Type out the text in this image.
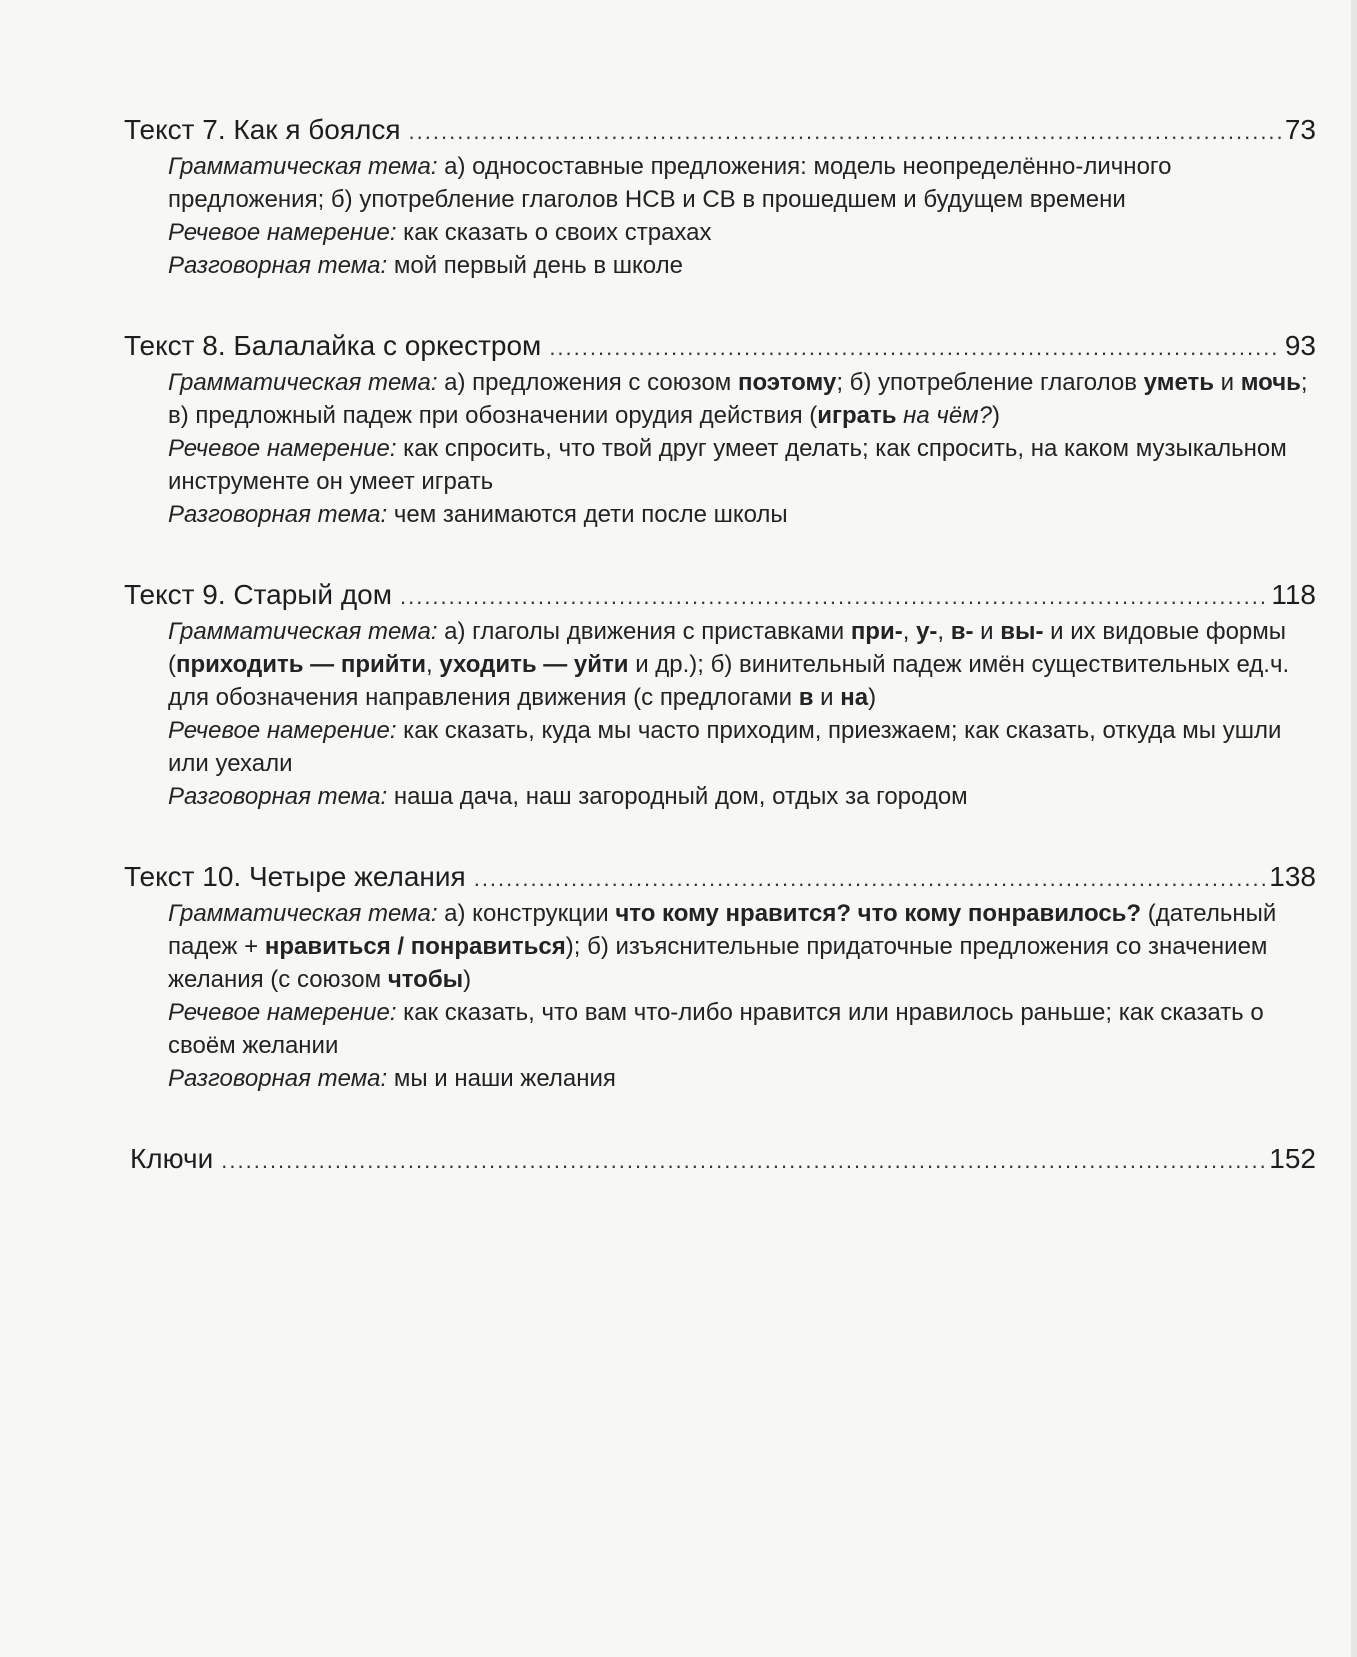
Текст 7. Как я боялся .....	73

Грамматическая тема: а) односоставные предложения: модель неопределённо-личного предложения; б) употребление глаголов НСВ и СВ в прошедшем и будущем времени

Речевое намерение: как сказать о своих страхах

Разговорная тема: мой первый день в школе

Текст 8. Балалайка с оркестром .....	93

Грамматическая тема: а) предложения с союзом поэтому; б) употребление глаголов уметь и мочь; в) предложный падеж при обозначении орудия действия (играть на чём?)

Речевое намерение: как спросить, что твой друг умеет делать; как спросить, на каком музыкальном инструменте он умеет играть

Разговорная тема: чем занимаются дети после школы

Текст 9. Старый дом .....	118

Грамматическая тема: а) глаголы движения с приставками при-, у-, в- и вы- и их видовые формы (приходить — прийти, уходить — уйти и др.); б) винительный падеж имён существительных ед.ч. для обозначения направления движения (с предлогами в и на)

Речевое намерение: как сказать, куда мы часто приходим, приезжаем; как сказать, откуда мы ушли или уехали

Разговорная тема: наша дача, наш загородный дом, отдых за городом

Текст 10. Четыре желания .....	138

Грамматическая тема: а) конструкции что кому нравится? что кому понравилось? (дательный падеж + нравиться / понравиться); б) изъяснительные придаточные предложения со значением желания (с союзом чтобы)

Речевое намерение: как сказать, что вам что-либо нравится или нравилось раньше; как сказать о своём желании

Разговорная тема: мы и наши желания

Ключи .....	152
